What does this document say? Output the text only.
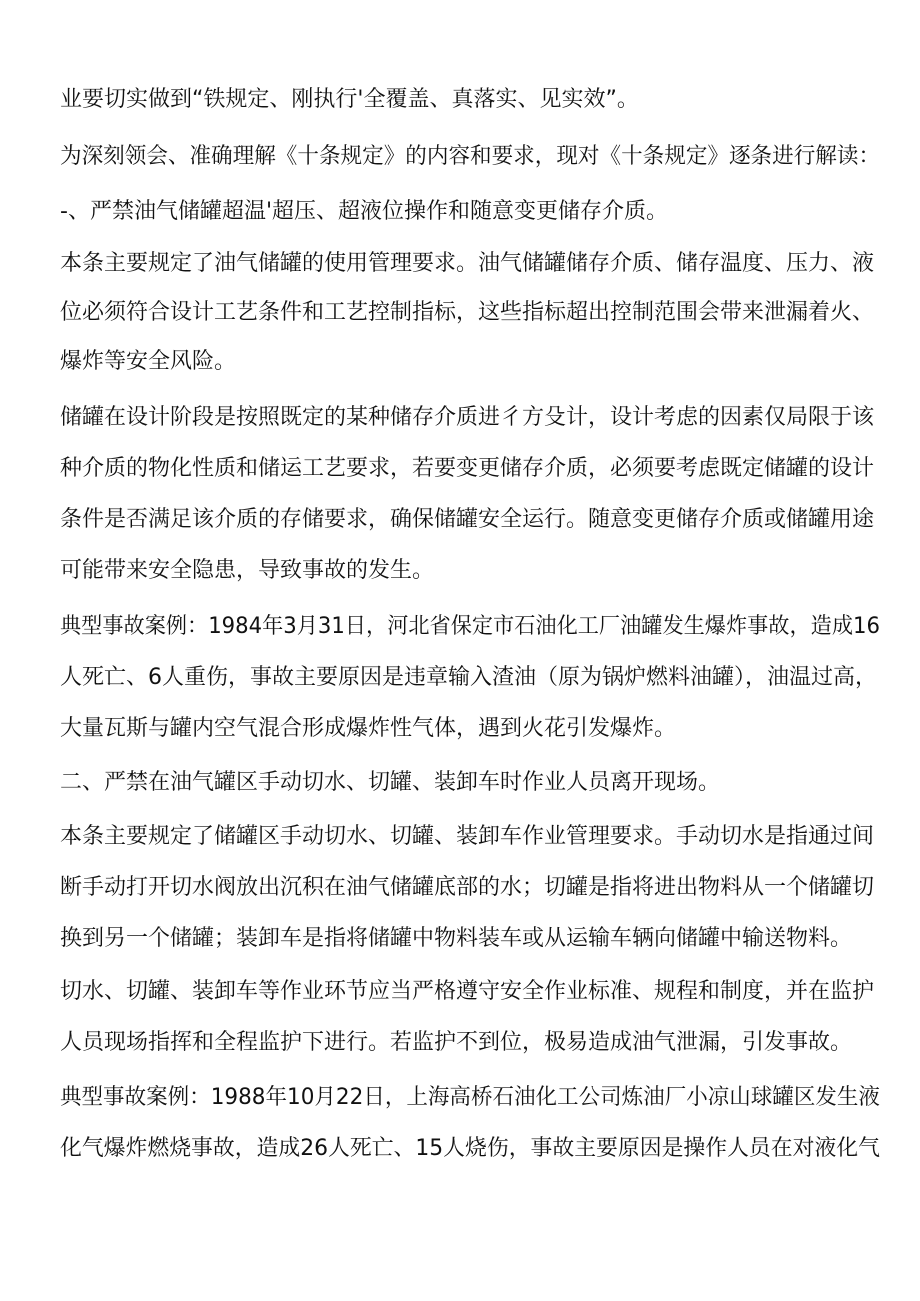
业要切实做到“铁规定、刚执行'全覆盖、真落实、见实效”。
为深刻领会、准确理解《十条规定》的内容和要求，现对《十条规定》逐条进行解读：
-、严禁油气储罐超温'超压、超液位操作和随意变更储存介质。
本条主要规定了油气储罐的使用管理要求。油气储罐储存介质、储存温度、压力、液
位必须符合设计工艺条件和工艺控制指标，这些指标超出控制范围会带来泄漏着火、
爆炸等安全风险。
储罐在设计阶段是按照既定的某种储存介质进彳方殳计，设计考虑的因素仅局限于该
种介质的物化性质和储运工艺要求，若要变更储存介质，必须要考虑既定储罐的设计
条件是否满足该介质的存储要求，确保储罐安全运行。随意变更储存介质或储罐用途
可能带来安全隐患，导致事故的发生。
典型事故案例：1984年3月31日，河北省保定市石油化工厂油罐发生爆炸事故，造成16
人死亡、6人重伤，事故主要原因是违章输入渣油（原为锅炉燃料油罐），油温过高，
大量瓦斯与罐内空气混合形成爆炸性气体，遇到火花引发爆炸。
二、严禁在油气罐区手动切水、切罐、装卸车时作业人员离开现场。
本条主要规定了储罐区手动切水、切罐、装卸车作业管理要求。手动切水是指通过间
断手动打开切水阀放出沉积在油气储罐底部的水；切罐是指将进出物料从一个储罐切
换到另一个储罐；装卸车是指将储罐中物料装车或从运输车辆向储罐中输送物料。
切水、切罐、装卸车等作业环节应当严格遵守安全作业标准、规程和制度，并在监护
人员现场指挥和全程监护下进行。若监护不到位，极易造成油气泄漏，引发事故。
典型事故案例：1988年10月22日，上海高桥石油化工公司炼油厂小凉山球罐区发生液
化气爆炸燃烧事故，造成26人死亡、15人烧伤，事故主要原因是操作人员在对液化气
